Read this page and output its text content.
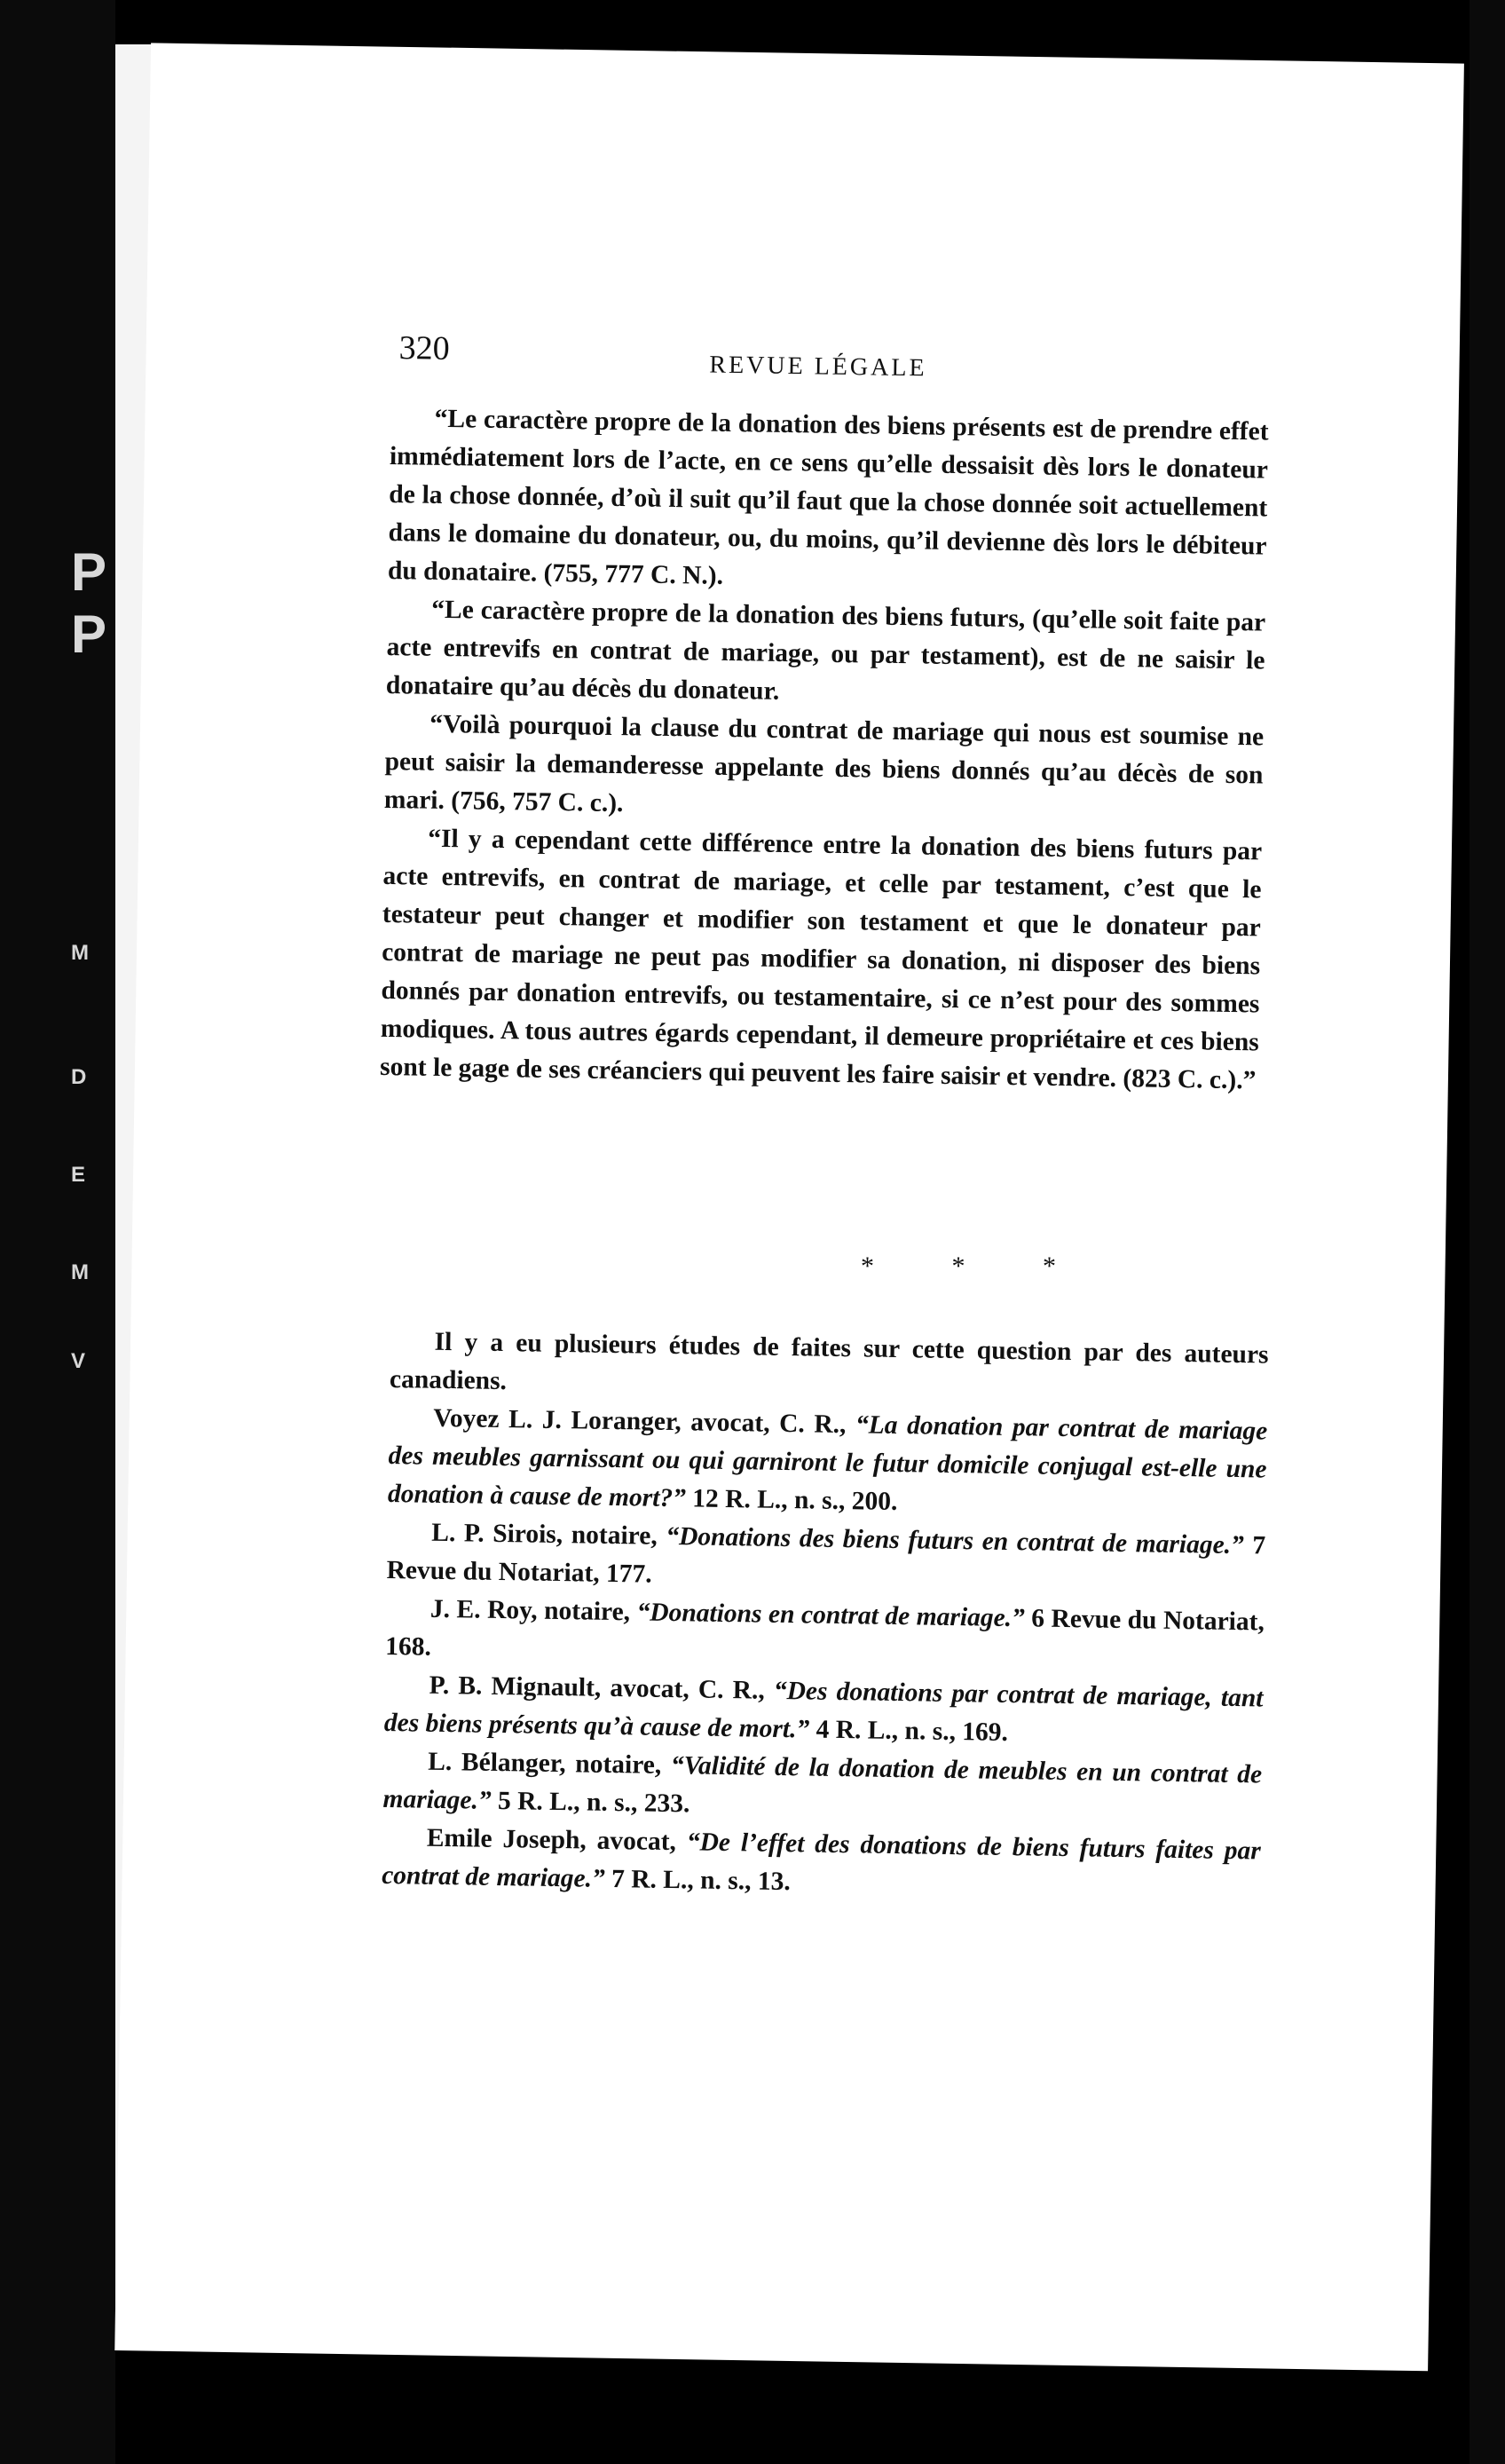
P
P
M
D
E
M
V
320	REVUE LÉGALE

“Le caractère propre de la donation des biens présents est de prendre effet immédiatement lors de l’acte, en ce sens qu’elle dessaisit dès lors le donateur de la chose donnée, d’où il suit qu’il faut que la chose donnée soit actuellement dans le domaine du donateur, ou, du moins, qu’il devienne dès lors le débiteur du donataire. (755, 777 C. N.).

“Le caractère propre de la donation des biens futurs, (qu’elle soit faite par acte entrevifs en contrat de mariage, ou par testament), est de ne saisir le donataire qu’au décès du donateur.

“Voilà pourquoi la clause du contrat de mariage qui nous est soumise ne peut saisir la demanderesse appelante des biens donnés qu’au décès de son mari. (756, 757 C. c.).

“Il y a cependant cette différence entre la donation des biens futurs par acte entrevifs, en contrat de mariage, et celle par testament, c’est que le testateur peut changer et modifier son testament et que le donateur par contrat de mariage ne peut pas modifier sa donation, ni disposer des biens donnés par donation entrevifs, ou testamentaire, si ce n’est pour des sommes modiques. A tous autres égards cependant, il demeure propriétaire et ces biens sont le gage de ses créanciers qui peuvent les faire saisir et vendre. (823 C. c.).”

* * *

Il y a eu plusieurs études de faites sur cette question par des auteurs canadiens.

Voyez L. J. Loranger, avocat, C. R., “La donation par contrat de mariage des meubles garnissant ou qui garniront le futur domicile conjugal est-elle une donation à cause de mort?” 12 R. L., n. s., 200.

L. P. Sirois, notaire, “Donations des biens futurs en contrat de mariage.” 7 Revue du Notariat, 177.

J. E. Roy, notaire, “Donations en contrat de mariage.” 6 Revue du Notariat, 168.

P. B. Mignault, avocat, C. R., “Des donations par contrat de mariage, tant des biens présents qu’à cause de mort.” 4 R. L., n. s., 169.

L. Bélanger, notaire, “Validité de la donation de meubles en un contrat de mariage.” 5 R. L., n. s., 233.

Emile Joseph, avocat, “De l’effet des donations de biens futurs faites par contrat de mariage.” 7 R. L., n. s., 13.
